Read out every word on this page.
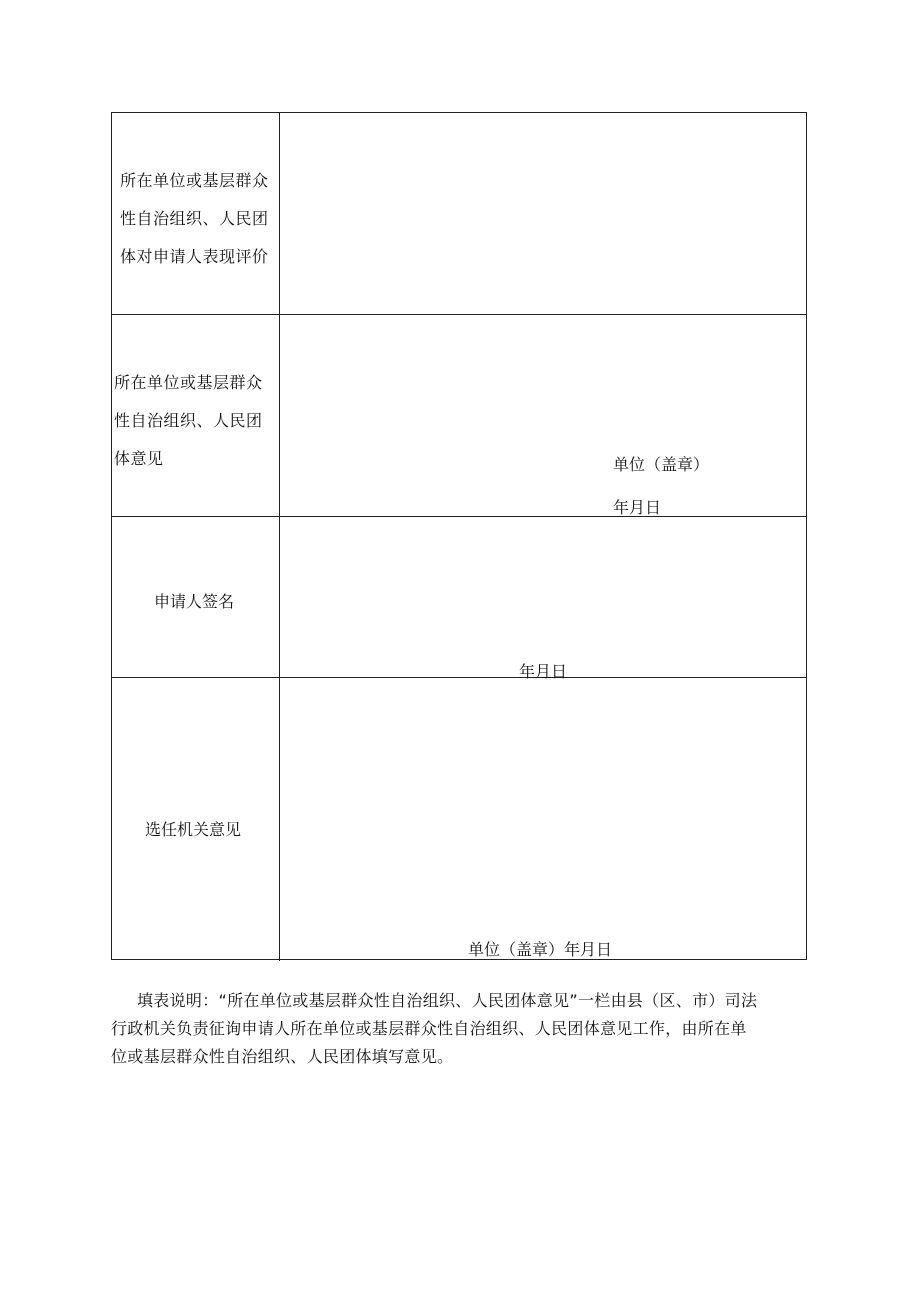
所在单位或基层群众
性自治组织、人民团
体对申请人表现评价
所在单位或基层群众
性自治组织、人民团
体意见	单位（盖章）
年月日
申请人签名
年月日
选任机关意见
单位（盖章）年月日
填表说明：“所在单位或基层群众性自治组织、人民团体意见”一栏由县（区、市）司法
行政机关负责征询申请人所在单位或基层群众性自治组织、人民团体意见工作，由所在单
位或基层群众性自治组织、人民团体填写意见。
